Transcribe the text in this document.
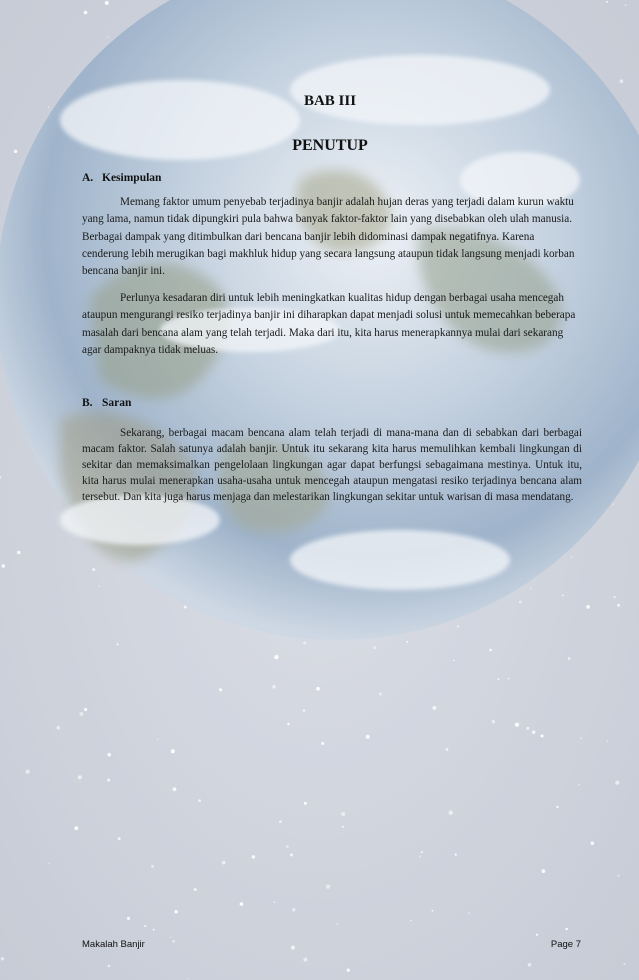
BAB III
PENUTUP
A. Kesimpulan

Memang faktor umum penyebab terjadinya banjir adalah hujan deras yang terjadi dalam kurun waktu yang lama, namun tidak dipungkiri pula bahwa banyak faktor-faktor lain yang disebabkan oleh ulah manusia. Berbagai dampak yang ditimbulkan dari bencana banjir lebih didominasi dampak negatifnya. Karena cenderung lebih merugikan bagi makhluk hidup yang secara langsung ataupun tidak langsung menjadi korban bencana banjir ini.

Perlunya kesadaran diri untuk lebih meningkatkan kualitas hidup dengan berbagai usaha mencegah ataupun mengurangi resiko terjadinya banjir ini diharapkan dapat menjadi solusi untuk memecahkan beberapa masalah dari bencana alam yang telah terjadi. Maka dari itu, kita harus menerapkannya mulai dari sekarang agar dampaknya tidak meluas.

B. Saran

Sekarang, berbagai macam bencana alam telah terjadi di mana-mana dan di sebabkan dari berbagai macam faktor. Salah satunya adalah banjir. Untuk itu sekarang kita harus memulihkan kembali lingkungan di sekitar dan memaksimalkan pengelolaan lingkungan agar dapat berfungsi sebagaimana mestinya. Untuk itu, kita harus mulai menerapkan usaha-usaha untuk mencegah ataupun mengatasi resiko terjadinya bencana alam tersebut. Dan kita juga harus menjaga dan melestarikan lingkungan sekitar untuk warisan di masa mendatang.

Makalah Banjir	Page 7
